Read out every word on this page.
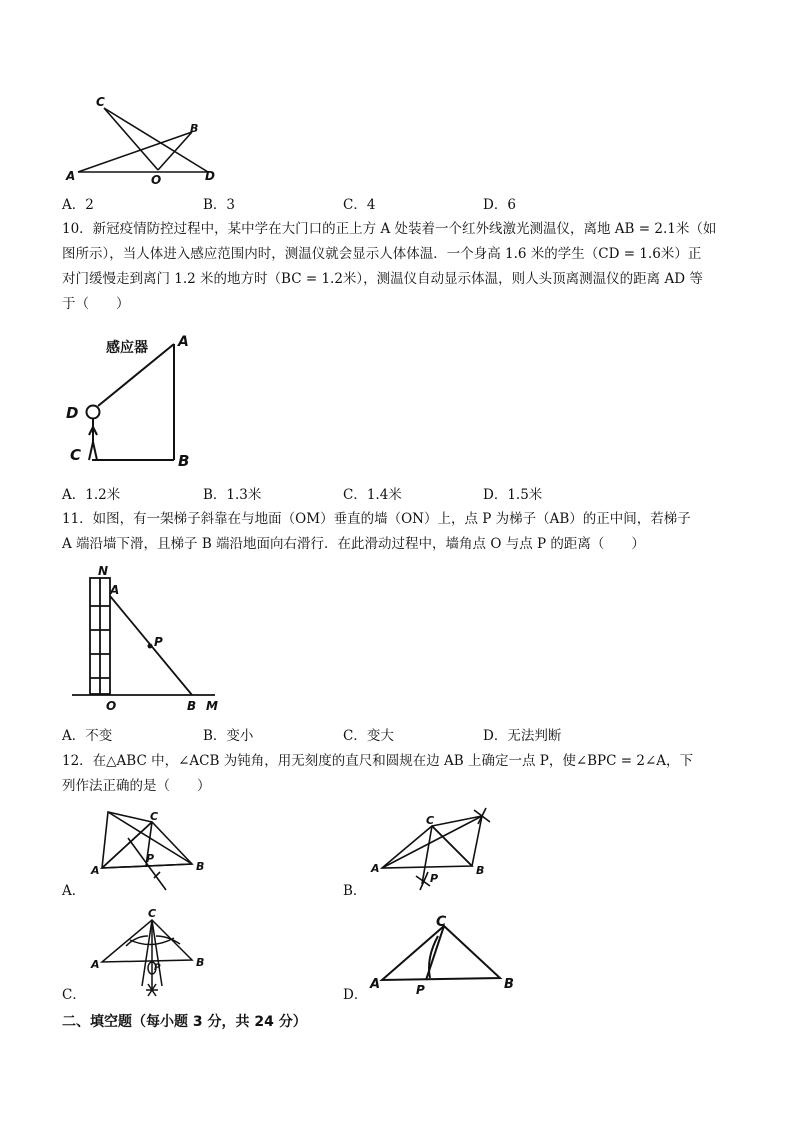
C
B
A	O	D
A．2	B．3	C．4	D．6
10．新冠疫情防控过程中，某中学在大门口的正上方 A 处装着一个红外线激光测温仪，离地 AB = 2.1米（如
图所示），当人体进入感应范围内时，测温仪就会显示人体体温．一个身高 1.6 米的学生（CD = 1.6米）正
对门缓慢走到离门 1.2 米的地方时（BC = 1.2米），测温仪自动显示体温，则人头顶离测温仪的距离 AD 等
于（　　）
感应器 A
D
C	B
A．1.2米	B．1.3米	C．1.4米	D．1.5米
11．如图，有一架梯子斜靠在与地面（OM）垂直的墙（ON）上，点 P 为梯子（AB）的正中间，若梯子
A 端沿墙下滑，且梯子 B 端沿地面向右滑行．在此滑动过程中，墙角点 O 与点 P 的距离（　　）
N
A
P
O	B M
A．不变	B．变小	C．变大	D．无法判断
12．在△ABC 中，∠ACB 为钝角，用无刻度的直尺和圆规在边 AB 上确定一点 P，使∠BPC = 2∠A，下
列作法正确的是（　　）
C
A	B
P
A．
C
A	B
P
B．
C
A	B
P
C．
C
A	B
P
D．
二、填空题（每小题 3 分，共 24 分）
